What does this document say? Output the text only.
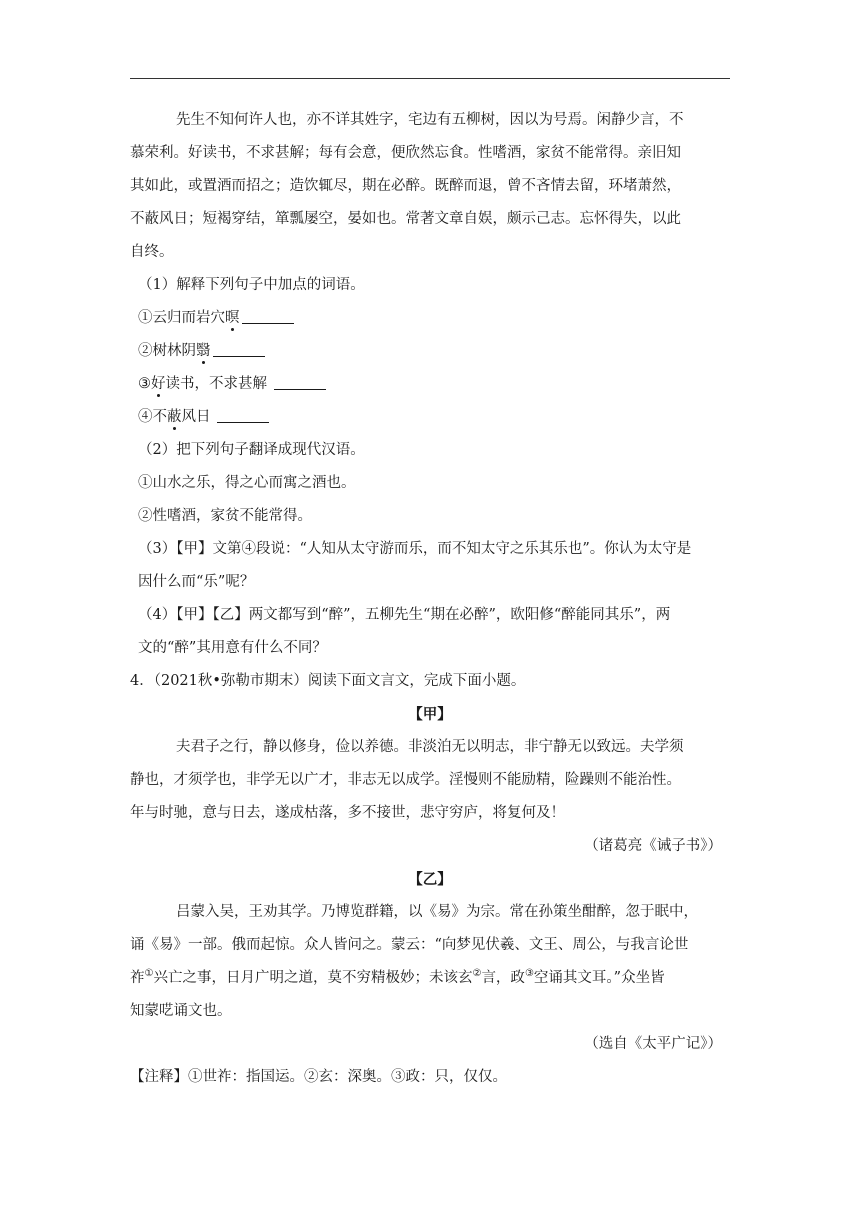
先生不知何许人也，亦不详其姓字，宅边有五柳树，因以为号焉。闲静少言，不
慕荣利。好读书，不求甚解；每有会意，便欣然忘食。性嗜酒，家贫不能常得。亲旧知
其如此，或置酒而招之；造饮辄尽，期在必醉。既醉而退，曾不吝情去留，环堵萧然，
不蔽风日；短褐穿结，箪瓢屡空，晏如也。常著文章自娱，颇示己志。忘怀得失，以此
自终。
（1）解释下列句子中加点的词语。
①云归而岩穴暝
②树林阴翳
③好读书，不求甚解
④不蔽风日
（2）把下列句子翻译成现代汉语。
①山水之乐，得之心而寓之酒也。
②性嗜酒，家贫不能常得。
（3）【甲】文第④段说：“人知从太守游而乐，而不知太守之乐其乐也”。你认为太守是
因什么而“乐”呢？
（4）【甲】【乙】两文都写到“醉”，五柳先生“期在必醉”，欧阳修“醉能同其乐”，两
文的“醉”其用意有什么不同？
4．（2021秋•弥勒市期末）阅读下面文言文，完成下面小题。
【甲】
夫君子之行，静以修身，俭以养德。非淡泊无以明志，非宁静无以致远。夫学须
静也，才须学也，非学无以广才，非志无以成学。淫慢则不能励精，险躁则不能治性。
年与时驰，意与日去，遂成枯落，多不接世，悲守穷庐，将复何及！
（诸葛亮《诫子书》）
【乙】
吕蒙入吴，王劝其学。乃博览群籍，以《易》为宗。常在孙策坐酣醉，忽于眠中，
诵《易》一部。俄而起惊。众人皆问之。蒙云：“向梦见伏羲、文王、周公，与我言论世
祚①兴亡之事，日月广明之道，莫不穷精极妙；未该玄②言，政③空诵其文耳。”众坐皆
知蒙呓诵文也。
（选自《太平广记》）
【注释】①世祚：指国运。②玄：深奥。③政：只，仅仅。
